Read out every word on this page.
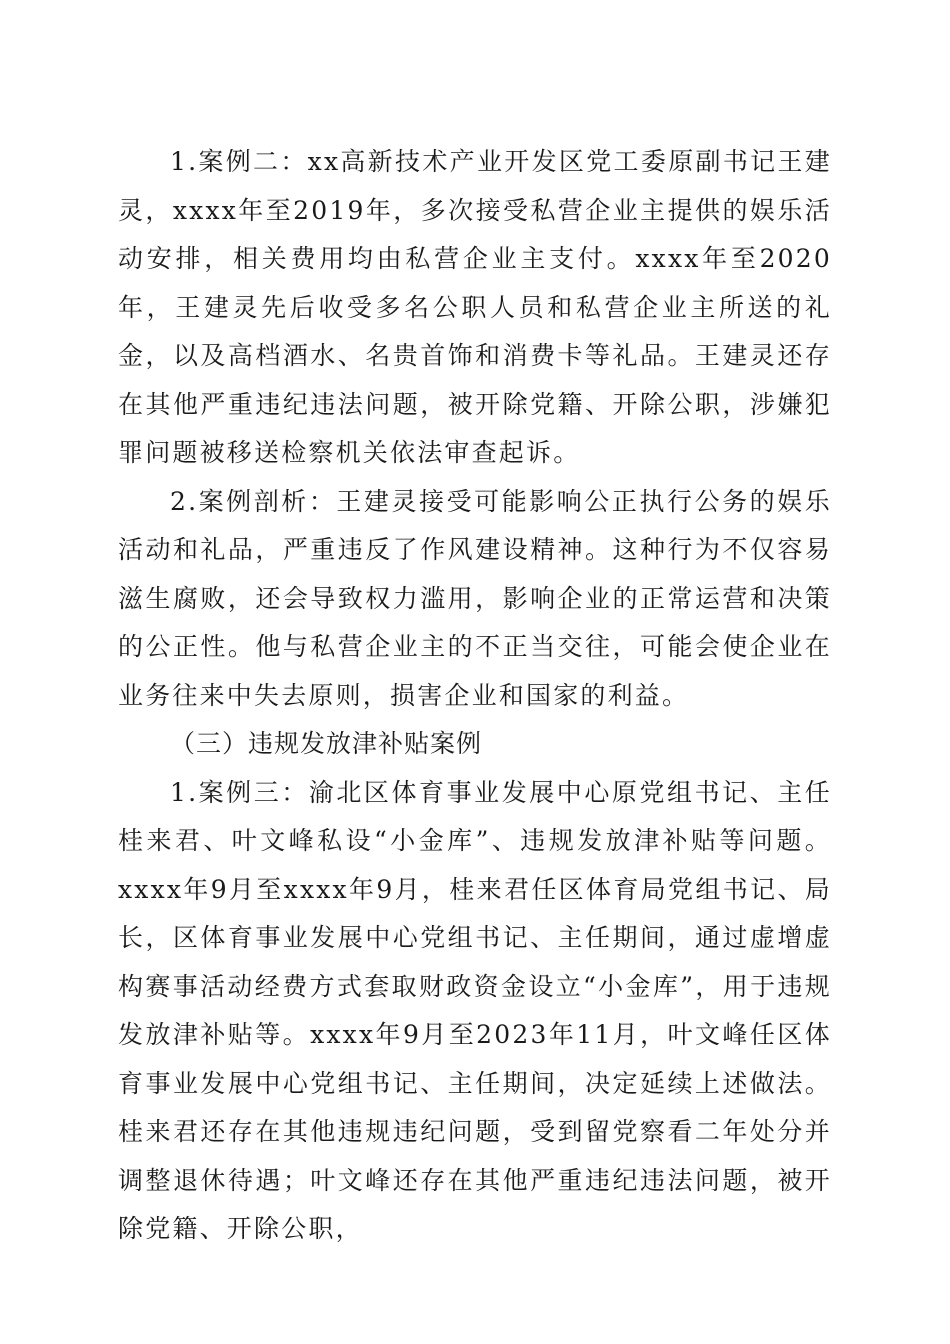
1.案例二：xx高新技术产业开发区党工委原副书记王建灵，xxxx年至2019年，多次接受私营企业主提供的娱乐活动安排，相关费用均由私营企业主支付。xxxx年至2020年，王建灵先后收受多名公职人员和私营企业主所送的礼金，以及高档酒水、名贵首饰和消费卡等礼品。王建灵还存在其他严重违纪违法问题，被开除党籍、开除公职，涉嫌犯罪问题被移送检察机关依法审查起诉。

2.案例剖析：王建灵接受可能影响公正执行公务的娱乐活动和礼品，严重违反了作风建设精神。这种行为不仅容易滋生腐败，还会导致权力滥用，影响企业的正常运营和决策的公正性。他与私营企业主的不正当交往，可能会使企业在业务往来中失去原则，损害企业和国家的利益。

（三）违规发放津补贴案例

1.案例三：渝北区体育事业发展中心原党组书记、主任桂来君、叶文峰私设“小金库”、违规发放津补贴等问题。xxxx年9月至xxxx年9月，桂来君任区体育局党组书记、局长，区体育事业发展中心党组书记、主任期间，通过虚增虚构赛事活动经费方式套取财政资金设立“小金库”，用于违规发放津补贴等。xxxx年9月至2023年11月，叶文峰任区体育事业发展中心党组书记、主任期间，决定延续上述做法。桂来君还存在其他违规违纪问题，受到留党察看二年处分并调整退休待遇；叶文峰还存在其他严重违纪违法问题，被开除党籍、开除公职，
